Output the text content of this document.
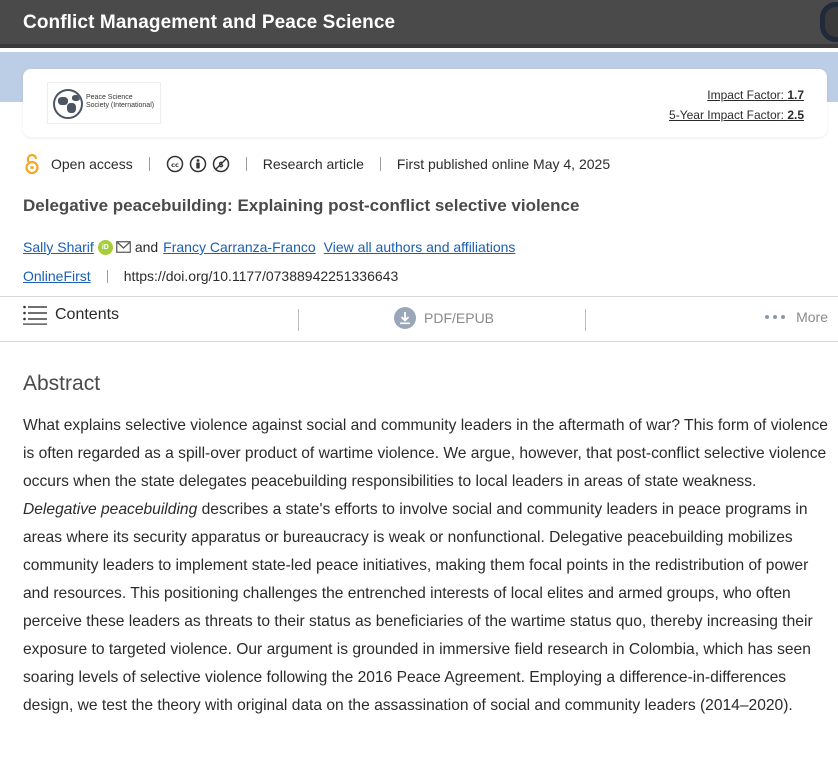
Conflict Management and Peace Science
Peace Science
Society (International)
Impact Factor: 1.7
5-Year Impact Factor: 2.5
Open access	cc	$	Research article First published online May 4, 2025
Delegative peacebuilding: Explaining post-conflict selective violence
Sally Sharif	iD and Francy Carranza-Franco View all authors and affiliations
OnlineFirst https://doi.org/10.1177/07388942251336643
Contents	PDF/EPUB	More
Abstract
What explains selective violence against social and community leaders in the aftermath of war? This form of violence is often regarded as a spill-over product of wartime violence. We argue, however, that post-conflict selective violence occurs when the state delegates peacebuilding responsibilities to local leaders in areas of state weakness. Delegative peacebuilding describes a state's efforts to involve social and community leaders in peace programs in areas where its security apparatus or bureaucracy is weak or nonfunctional. Delegative peacebuilding mobilizes community leaders to implement state-led peace initiatives, making them focal points in the redistribution of power and resources. This positioning challenges the entrenched interests of local elites and armed groups, who often perceive these leaders as threats to their status as beneficiaries of the wartime status quo, thereby increasing their exposure to targeted violence. Our argument is grounded in immersive field research in Colombia, which has seen soaring levels of selective violence following the 2016 Peace Agreement. Employing a difference-in-differences design, we test the theory with original data on the assassination of social and community leaders (2014–2020).
